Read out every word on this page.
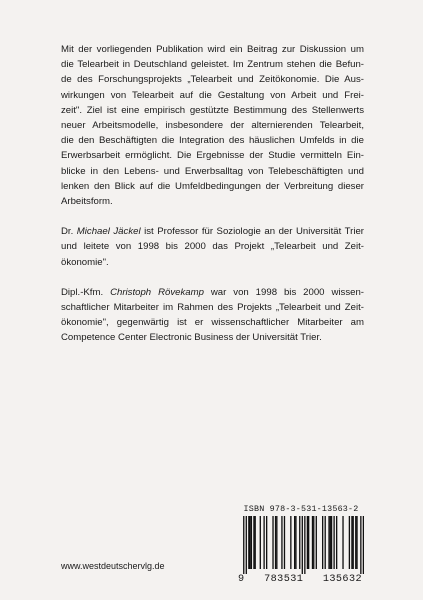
Mit der vorliegenden Publikation wird ein Beitrag zur Diskussion um
die Telearbeit in Deutschland geleistet. Im Zentrum stehen die Befun-
de des Forschungsprojekts „Telearbeit und Zeitökonomie. Die Aus-
wirkungen von Telearbeit auf die Gestaltung von Arbeit und Frei-
zeit". Ziel ist eine empirisch gestützte Bestimmung des Stellenwerts
neuer Arbeitsmodelle, insbesondere der alternierenden Telearbeit,
die den Beschäftigten die Integration des häuslichen Umfelds in die
Erwerbsarbeit ermöglicht. Die Ergebnisse der Studie vermitteln Ein-
blicke in den Lebens- und Erwerbsalltag von Telebeschäftigten und
lenken den Blick auf die Umfeldbedingungen der Verbreitung dieser
Arbeitsform.

Dr. Michael Jäckel ist Professor für Soziologie an der Universität Trier
und leitete von 1998 bis 2000 das Projekt „Telearbeit und Zeit-
ökonomie".

Dipl.-Kfm. Christoph Rövekamp war von 1998 bis 2000 wissen-
schaftlicher Mitarbeiter im Rahmen des Projekts „Telearbeit und Zeit-
ökonomie", gegenwärtig ist er wissenschaftlicher Mitarbeiter am
Competence Center Electronic Business der Universität Trier.

www.westdeutschervlg.de
ISBN 978-3-531-13563-2
9 783531 135632
